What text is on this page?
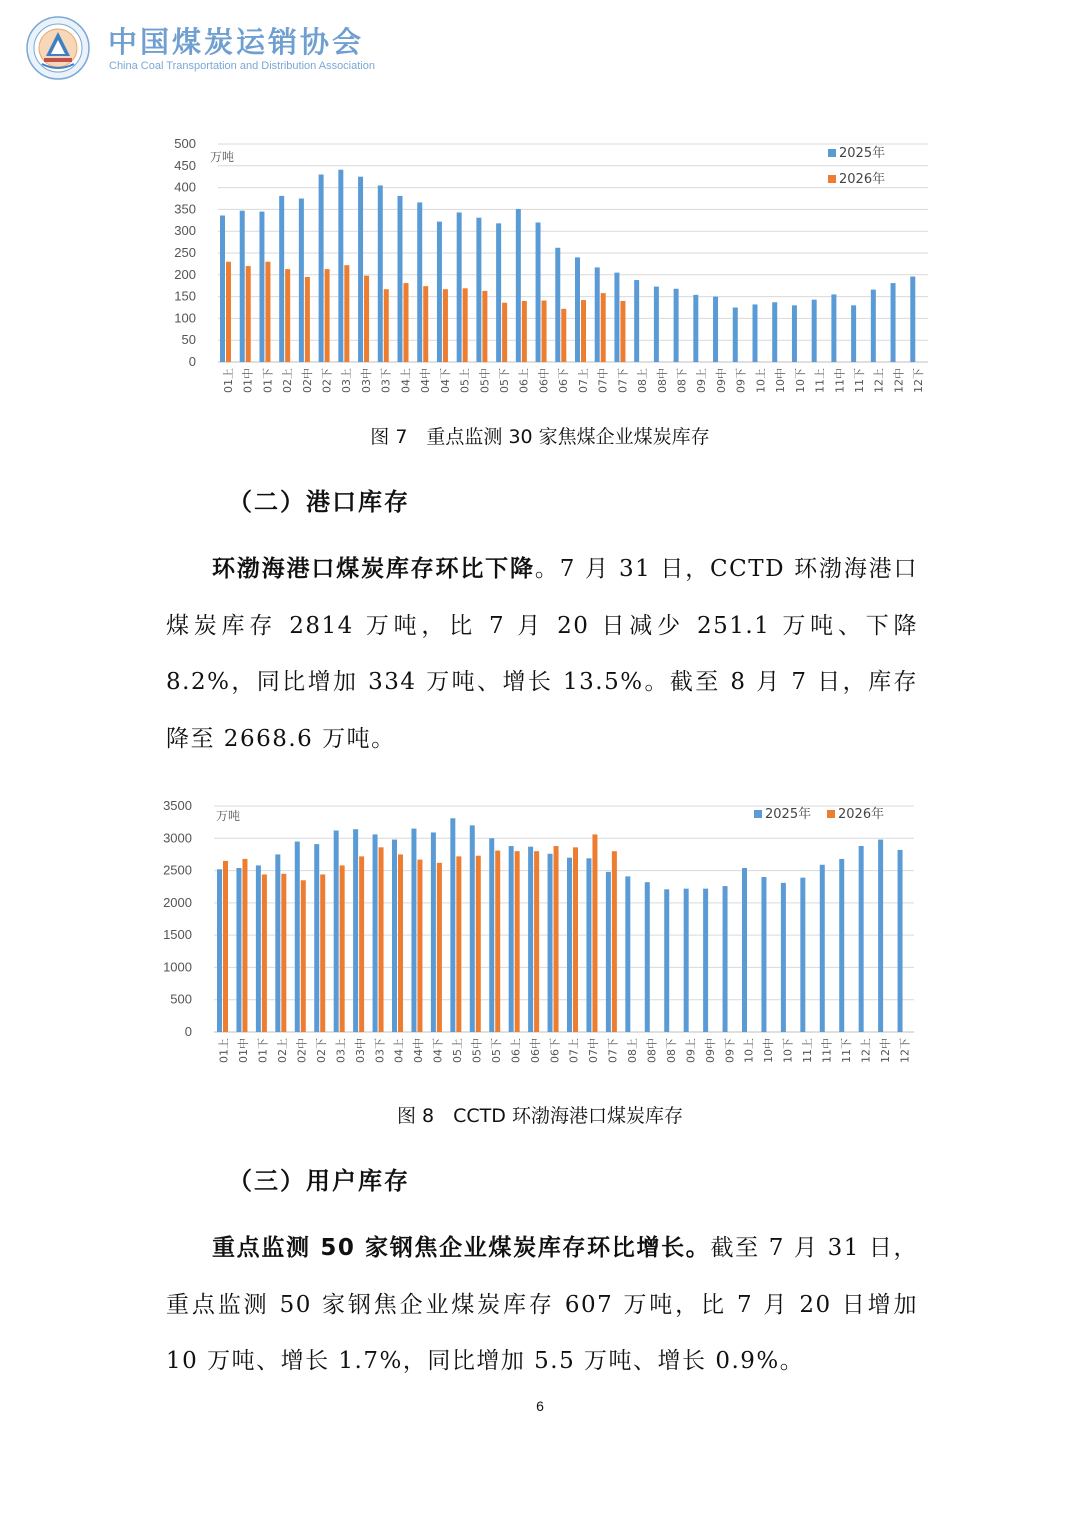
中国煤炭运销协会
China Coal Transportation and Distribution Association
0
50
100
150
200
250
300
350
400
450
500
万吨
01上 01中 01下 02上 02中 02下 03上 03中 03下 04上 04中 04下 05上 05中 05下 06上 06中 06下 07上 07中 07下 08上 08中 08下 09上 09中 09下 10上 10中 10下 11上 11中 11下 12上 12中 12下
2025年
2026年
图 7　重点监测 30 家焦煤企业煤炭库存
（二）港口库存
环渤海港口煤炭库存环比下降。7 月 31 日，CCTD 环渤海港口煤炭库存 2814 万吨，比 7 月 20 日减少 251.1 万吨、下降 8.2%，同比增加 334 万吨、增长 13.5%。截至 8 月 7 日，库存降至 2668.6 万吨。
0
500
1000
1500
2000
2500
3000
3500
万吨
01上 01中 01下 02上 02中 02下 03上 03中 03下 04上 04中 04下 05上 05中 05下 06上 06中 06下 07上 07中 07下 08上 08中 08下 09上 09中 09下 10上 10中 10下 11上 11中 11下 12上 12中 12下
2025年 2026年
图 8　CCTD 环渤海港口煤炭库存
（三）用户库存
重点监测 50 家钢焦企业煤炭库存环比增长。截至 7 月 31 日，重点监测 50 家钢焦企业煤炭库存 607 万吨，比 7 月 20 日增加 10 万吨、增长 1.7%，同比增加 5.5 万吨、增长 0.9%。
6
